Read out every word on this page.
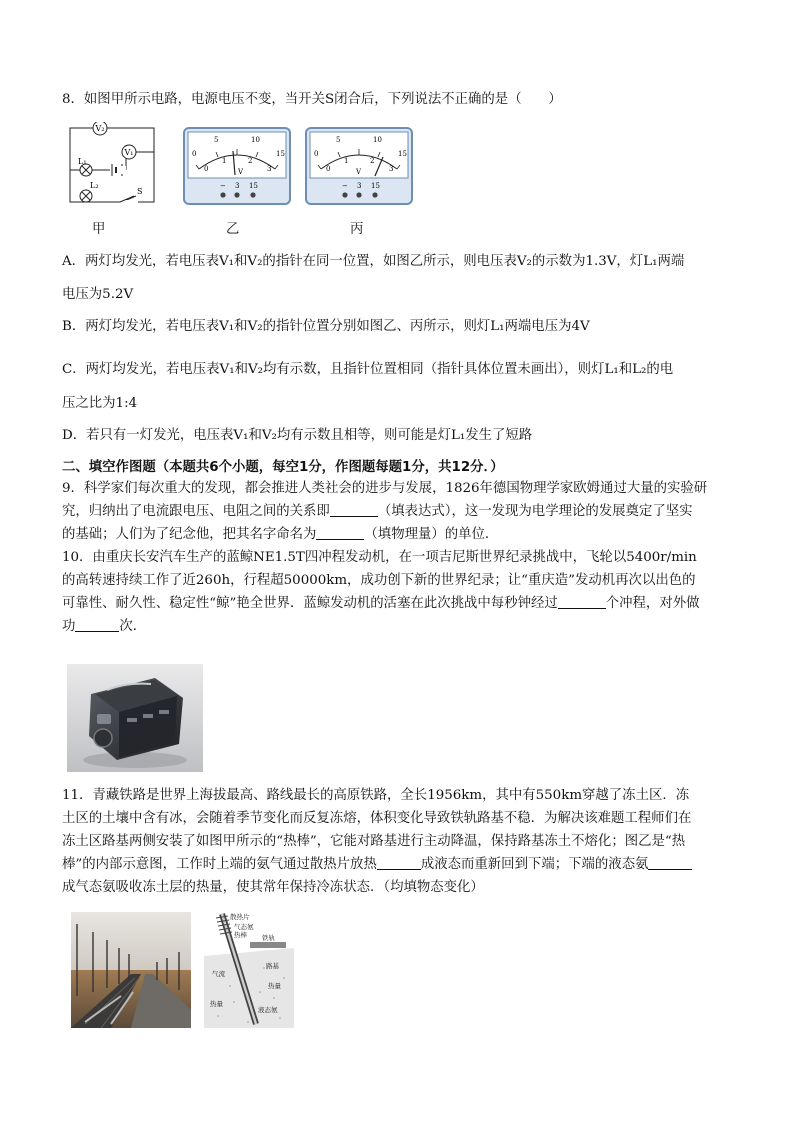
8．如图甲所示电路，电源电压不变，当开关S闭合后，下列说法不正确的是（　　）
V₂
V₁
L₁
L₂
S
0
5	10
15
0
1	2
3
V
− 3 15
0
5	10
15
0
1	2
3
V
− 3 15
甲	乙	丙
A．两灯均发光，若电压表V₁和V₂的指针在同一位置，如图乙所示，则电压表V₂的示数为1.3V，灯L₁两端
电压为5.2V
B．两灯均发光，若电压表V₁和V₂的指针位置分别如图乙、丙所示，则灯L₁两端电压为4V
C．两灯均发光，若电压表V₁和V₂均有示数，且指针位置相同（指针具体位置未画出），则灯L₁和L₂的电
压之比为1:4
D．若只有一灯发光，电压表V₁和V₂均有示数且相等，则可能是灯L₁发生了短路
二、填空作图题（本题共6个小题，每空1分，作图题每题1分，共12分．）
9．科学家们每次重大的发现，都会推进人类社会的进步与发展，1826年德国物理学家欧姆通过大量的实验研
究，归纳出了电流跟电压、电阻之间的关系即	（填表达式），这一发现为电学理论的发展奠定了坚实
的基础；人们为了纪念他，把其名字命名为	（填物理量）的单位．
10．由重庆长安汽车生产的蓝鲸NE1.5T四冲程发动机，在一项吉尼斯世界纪录挑战中，飞轮以5400r/min
的高转速持续工作了近260h，行程超50000km，成功创下新的世界纪录；让“重庆造”发动机再次以出色的
可靠性、耐久性、稳定性“鲸”艳全世界．蓝鲸发动机的活塞在此次挑战中每秒钟经过	个冲程，对外做
功	次．
11．青藏铁路是世界上海拔最高、路线最长的高原铁路，全长1956km，其中有550km穿越了冻土区．冻
土区的土壤中含有冰，会随着季节变化而反复冻熔，体积变化导致铁轨路基不稳．为解决该难题工程师们在
冻土区路基两侧安装了如图甲所示的“热棒”，它能对路基进行主动降温，保持路基冻土不熔化；图乙是“热
棒”的内部示意图，工作时上端的氨气通过散热片放热	成液态而重新回到下端；下端的液态氨
成气态氨吸收冻土层的热量，使其常年保持冷冻状态．（均填物态变化）
散热片
气态氨
热棒 铁轨
路基
热量
气流
热量
液态氨
